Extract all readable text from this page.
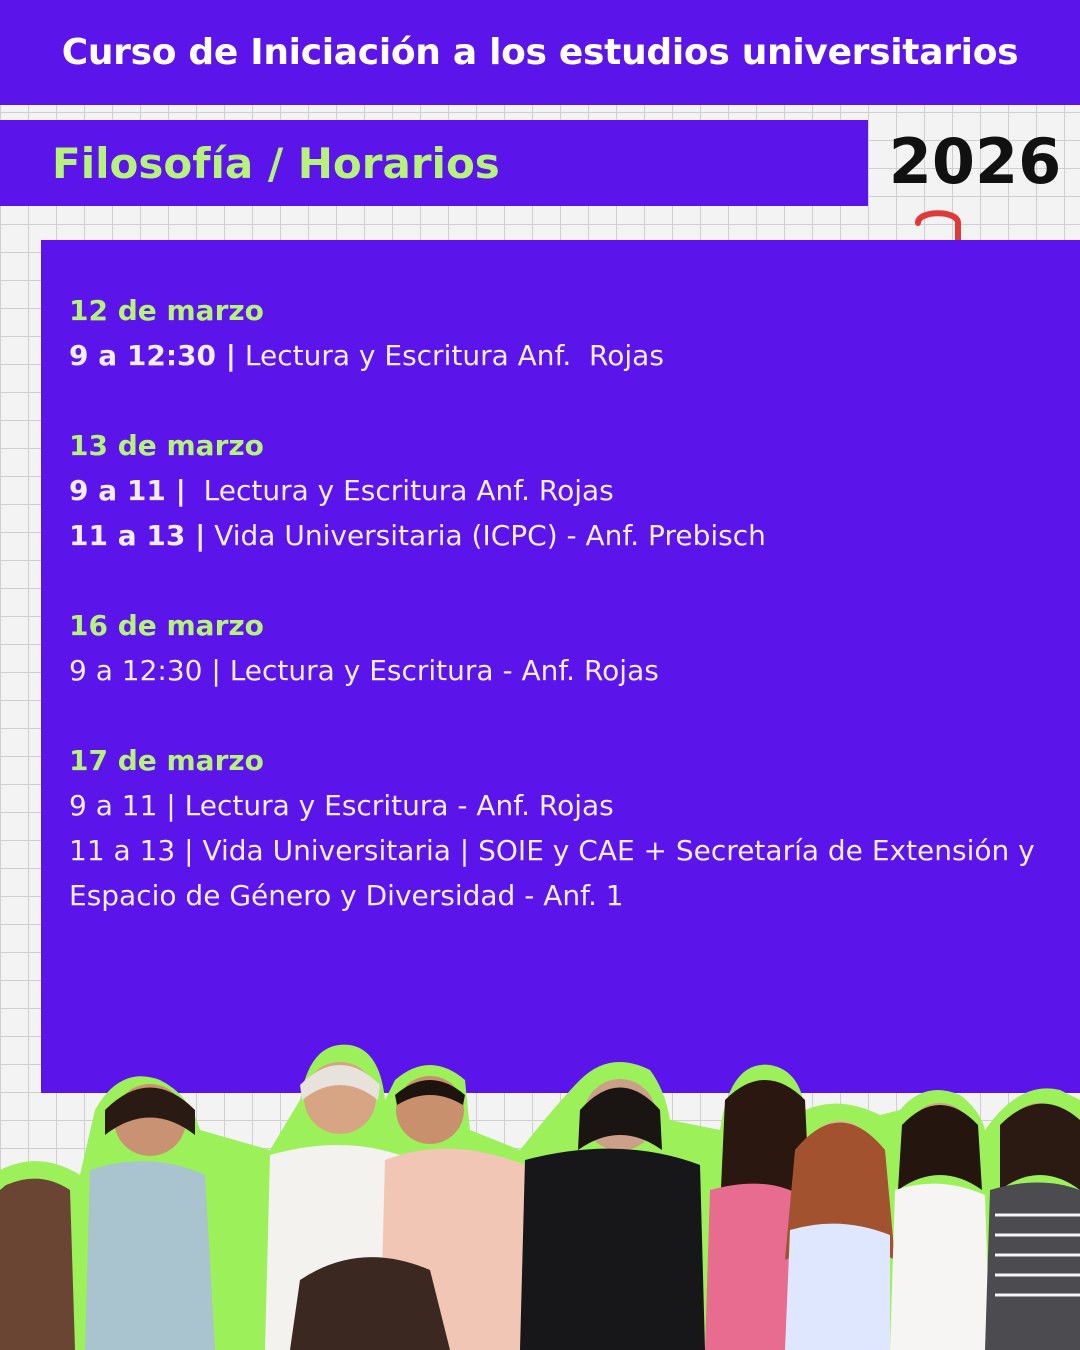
Curso de Iniciación a los estudios universitarios
Filosofía / Horarios	2026
12 de marzo
9 a 12:30 | Lectura y Escritura Anf.  Rojas
13 de marzo
9 a 11 |  Lectura y Escritura Anf. Rojas
11 a 13 | Vida Universitaria (ICPC) - Anf. Prebisch
16 de marzo
9 a 12:30 | Lectura y Escritura - Anf. Rojas
17 de marzo
9 a 11 | Lectura y Escritura - Anf. Rojas
11 a 13 | Vida Universitaria | SOIE y CAE + Secretaría de Extensión y Espacio de Género y Diversidad - Anf. 1
